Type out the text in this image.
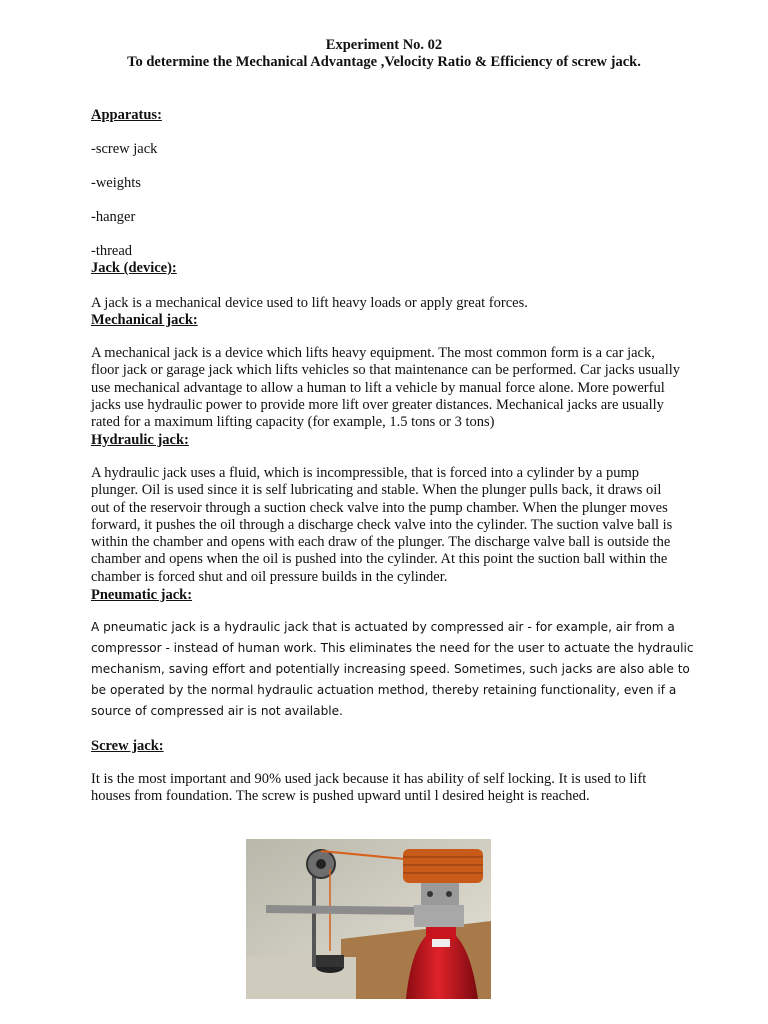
Experiment No. 02
To determine the Mechanical Advantage ,Velocity Ratio & Efficiency of screw jack.
Apparatus:
-screw jack
-weights
-hanger
-thread
Jack (device):
A jack is a mechanical device used to lift heavy loads or apply great forces.
Mechanical jack:
A mechanical jack is a device which lifts heavy equipment. The most common form is a car jack,
floor jack or garage jack which lifts vehicles so that maintenance can be performed. Car jacks usually
use mechanical advantage to allow a human to lift a vehicle by manual force alone. More powerful
jacks use hydraulic power to provide more lift over greater distances. Mechanical jacks are usually
rated for a maximum lifting capacity (for example, 1.5 tons or 3 tons)
Hydraulic jack:
A hydraulic jack uses a fluid, which is incompressible, that is forced into a cylinder by a pump
plunger. Oil is used since it is self lubricating and stable. When the plunger pulls back, it draws oil
out of the reservoir through a suction check valve into the pump chamber. When the plunger moves
forward, it pushes the oil through a discharge check valve into the cylinder. The suction valve ball is
within the chamber and opens with each draw of the plunger. The discharge valve ball is outside the
chamber and opens when the oil is pushed into the cylinder. At this point the suction ball within the
chamber is forced shut and oil pressure builds in the cylinder.
Pneumatic jack:
A pneumatic jack is a hydraulic jack that is actuated by compressed air - for example, air from a
compressor - instead of human work. This eliminates the need for the user to actuate the hydraulic
mechanism, saving effort and potentially increasing speed. Sometimes, such jacks are also able to
be operated by the normal hydraulic actuation method, thereby retaining functionality, even if a
source of compressed air is not available.
Screw jack:
It is the most important and 90% used jack because it has ability of self locking. It is used to lift
houses from foundation. The screw is pushed upward until l desired height is reached.
